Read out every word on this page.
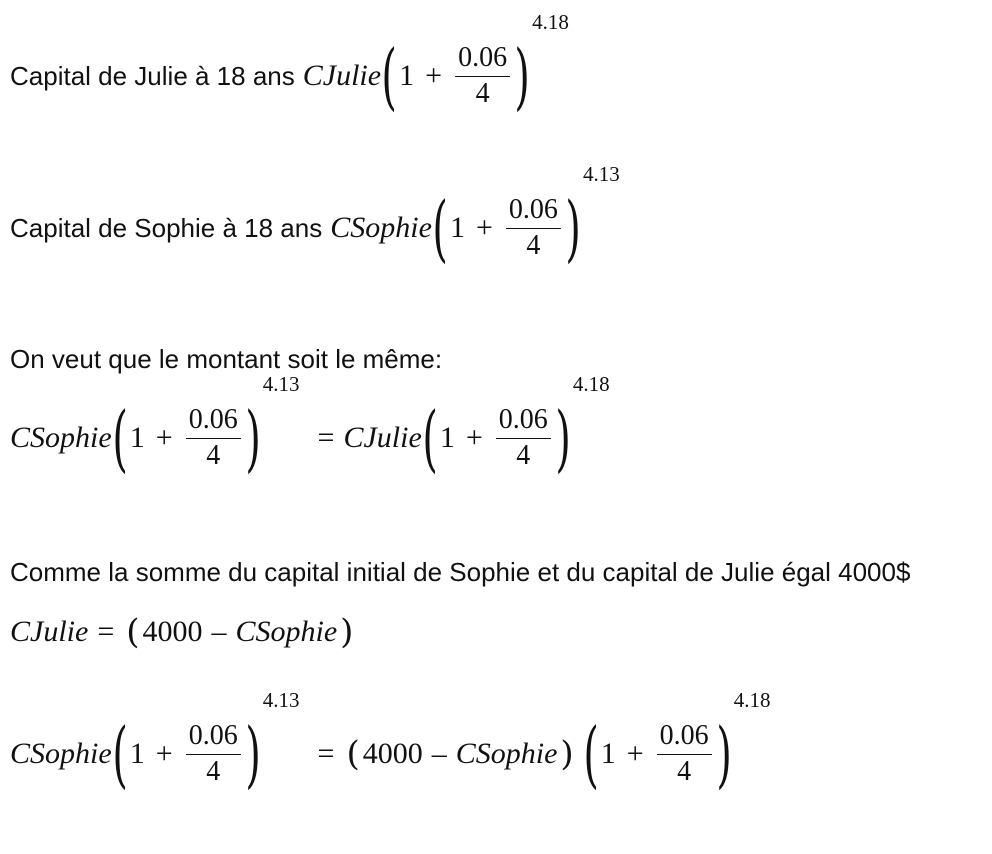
Capital de Julie à 18 ans CJulie ( $1 + \frac{0.06}{4}$ )
4.18
Capital de Sophie à 18 ans CSophie ( $1 + \frac{0.06}{4}$ )
4.13
On veut que le montant soit le même:
CSophie ( $1 + \frac{0.06}{4}$ )
4.13
= CJulie ( $1 + \frac{0.06}{4}$ )
4.18
Comme la somme du capital initial de Sophie et du capital de Julie égal 4000$
CJulie = ( 4000 – CSophie )
CSophie ( $1 + \frac{0.06}{4}$ )
4.13
= ( 4000 – CSophie ) ( $1 + \frac{0.06}{4}$ )
4.18
